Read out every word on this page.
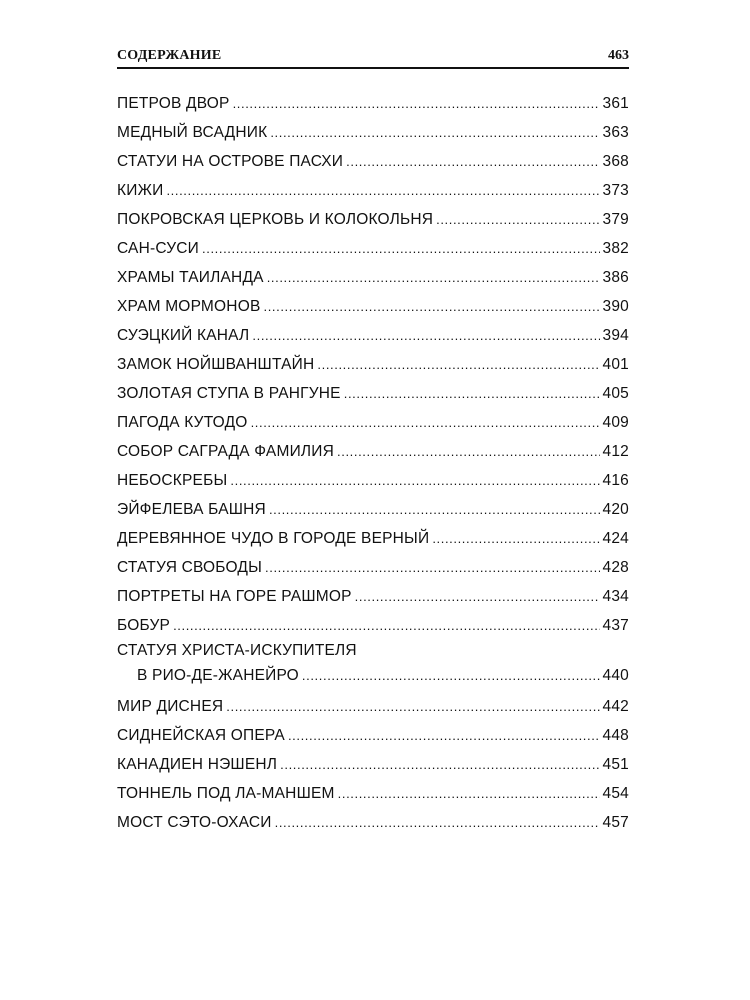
СОДЕРЖАНИЕ	463
ПЕТРОВ ДВОР .....	361
МЕДНЫЙ ВСАДНИК .....	363
СТАТУИ НА ОСТРОВЕ ПАСХИ .....	368
КИЖИ .....	373
ПОКРОВСКАЯ ЦЕРКОВЬ И КОЛОКОЛЬНЯ .....	379
САН-СУСИ .....	382
ХРАМЫ ТАИЛАНДА .....	386
ХРАМ МОРМОНОВ .....	390
СУЭЦКИЙ КАНАЛ .....	394
ЗАМОК НОЙШВАНШТАЙН .....	401
ЗОЛОТАЯ СТУПА В РАНГУНЕ .....	405
ПАГОДА КУТОДО .....	409
СОБОР САГРАДА ФАМИЛИЯ .....	412
НЕБОСКРЕБЫ .....	416
ЭЙФЕЛЕВА БАШНЯ .....	420
ДЕРЕВЯННОЕ ЧУДО В ГОРОДЕ ВЕРНЫЙ .....	424
СТАТУЯ СВОБОДЫ .....	428
ПОРТРЕТЫ НА ГОРЕ РАШМОР .....	434
БОБУР .....	437
СТАТУЯ ХРИСТА-ИСКУПИТЕЛЯ
В РИО-ДЕ-ЖАНЕЙРО .....	440
МИР ДИСНЕЯ .....	442
СИДНЕЙСКАЯ ОПЕРА .....	448
КАНАДИЕН НЭШЕНЛ .....	451
ТОННЕЛЬ ПОД ЛА-МАНШЕМ .....	454
МОСТ СЭТО-ОХАСИ .....	457
